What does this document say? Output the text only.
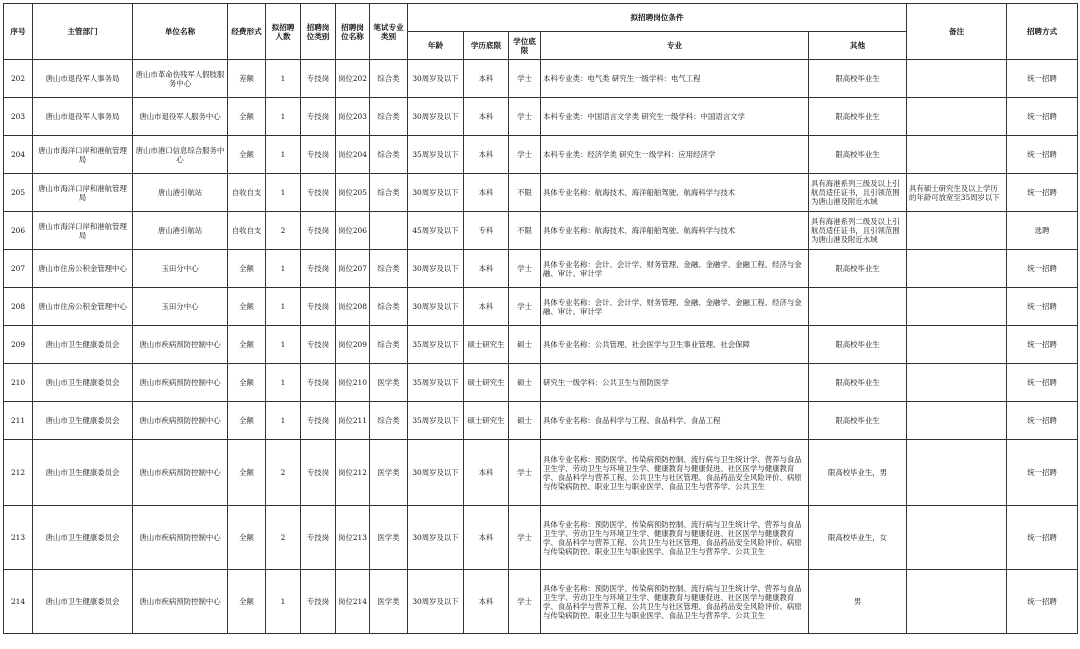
序号	主管部门	单位名称	经费形式	拟招聘人数	招聘岗位类别	招聘岗位名称	笔试专业类别	拟招聘岗位条件					备注	招聘方式
								年龄	学历底限	学位底限	专业	其他		
202	唐山市退役军人事务局	唐山市革命伤残军人假肢服务中心	差额	1	专技岗	岗位202	综合类	30周岁及以下	本科	学士	本科专业类：电气类 研究生一级学科：电气工程	限高校毕业生		统一招聘
203	唐山市退役军人事务局	唐山市退役军人服务中心	全额	1	专技岗	岗位203	综合类	30周岁及以下	本科	学士	本科专业类：中国语言文学类 研究生一级学科：中国语言文学	限高校毕业生		统一招聘
204	唐山市海洋口岸和港航管理局	唐山市港口信息综合服务中心	全额	1	专技岗	岗位204	综合类	35周岁及以下	本科	学士	本科专业类：经济学类 研究生一级学科：应用经济学	限高校毕业生		统一招聘
205	唐山市海洋口岸和港航管理局	唐山港引航站	自收自支	1	专技岗	岗位205	综合类	30周岁及以下	本科	不限	具体专业名称：航海技术、海洋船舶驾驶、航海科学与技术	具有海港系列三级及以上引航员适任证书，且引领范围为唐山港及附近水域	具有硕士研究生及以上学历的年龄可放宽至35周岁以下	统一招聘
206	唐山市海洋口岸和港航管理局	唐山港引航站	自收自支	2	专技岗	岗位206		45周岁及以下	专科	不限	具体专业名称：航海技术、海洋船舶驾驶、航海科学与技术	具有海港系列二级及以上引航员适任证书，且引领范围为唐山港及附近水域		选聘
207	唐山市住房公积金管理中心	玉田分中心	全额	1	专技岗	岗位207	综合类	30周岁及以下	本科	学士	具体专业名称：会计、会计学、财务管理、金融、金融学、金融工程、经济与金融、审计、审计学	限高校毕业生		统一招聘
208	唐山市住房公积金管理中心	玉田分中心	全额	1	专技岗	岗位208	综合类	30周岁及以下	本科	学士	具体专业名称：会计、会计学、财务管理、金融、金融学、金融工程、经济与金融、审计、审计学			统一招聘
209	唐山市卫生健康委员会	唐山市疾病预防控制中心	全额	1	专技岗	岗位209	综合类	35周岁及以下	硕士研究生	硕士	具体专业名称：公共管理、社会医学与卫生事业管理、社会保障	限高校毕业生		统一招聘
210	唐山市卫生健康委员会	唐山市疾病预防控制中心	全额	1	专技岗	岗位210	医学类	35周岁及以下	硕士研究生	硕士	研究生一级学科：公共卫生与预防医学	限高校毕业生		统一招聘
211	唐山市卫生健康委员会	唐山市疾病预防控制中心	全额	1	专技岗	岗位211	综合类	35周岁及以下	硕士研究生	硕士	具体专业名称：食品科学与工程、食品科学、食品工程	限高校毕业生		统一招聘
212	唐山市卫生健康委员会	唐山市疾病预防控制中心	全额	2	专技岗	岗位212	医学类	30周岁及以下	本科	学士	具体专业名称：预防医学、传染病预防控制、流行病与卫生统计学、营养与食品卫生学、劳动卫生与环境卫生学、健康教育与健康促进、社区医学与健康教育学、食品科学与营养工程、公共卫生与社区管理、食品药品安全风险评价、病原与传染病防控、职业卫生与职业医学、食品卫生与营养学、公共卫生	限高校毕业生，男		统一招聘
213	唐山市卫生健康委员会	唐山市疾病预防控制中心	全额	2	专技岗	岗位213	医学类	30周岁及以下	本科	学士	具体专业名称：预防医学、传染病预防控制、流行病与卫生统计学、营养与食品卫生学、劳动卫生与环境卫生学、健康教育与健康促进、社区医学与健康教育学、食品科学与营养工程、公共卫生与社区管理、食品药品安全风险评价、病原与传染病防控、职业卫生与职业医学、食品卫生与营养学、公共卫生	限高校毕业生，女		统一招聘
214	唐山市卫生健康委员会	唐山市疾病预防控制中心	全额	1	专技岗	岗位214	医学类	30周岁及以下	本科	学士	具体专业名称：预防医学、传染病预防控制、流行病与卫生统计学、营养与食品卫生学、劳动卫生与环境卫生学、健康教育与健康促进、社区医学与健康教育学、食品科学与营养工程、公共卫生与社区管理、食品药品安全风险评价、病原与传染病防控、职业卫生与职业医学、食品卫生与营养学、公共卫生	男		统一招聘
